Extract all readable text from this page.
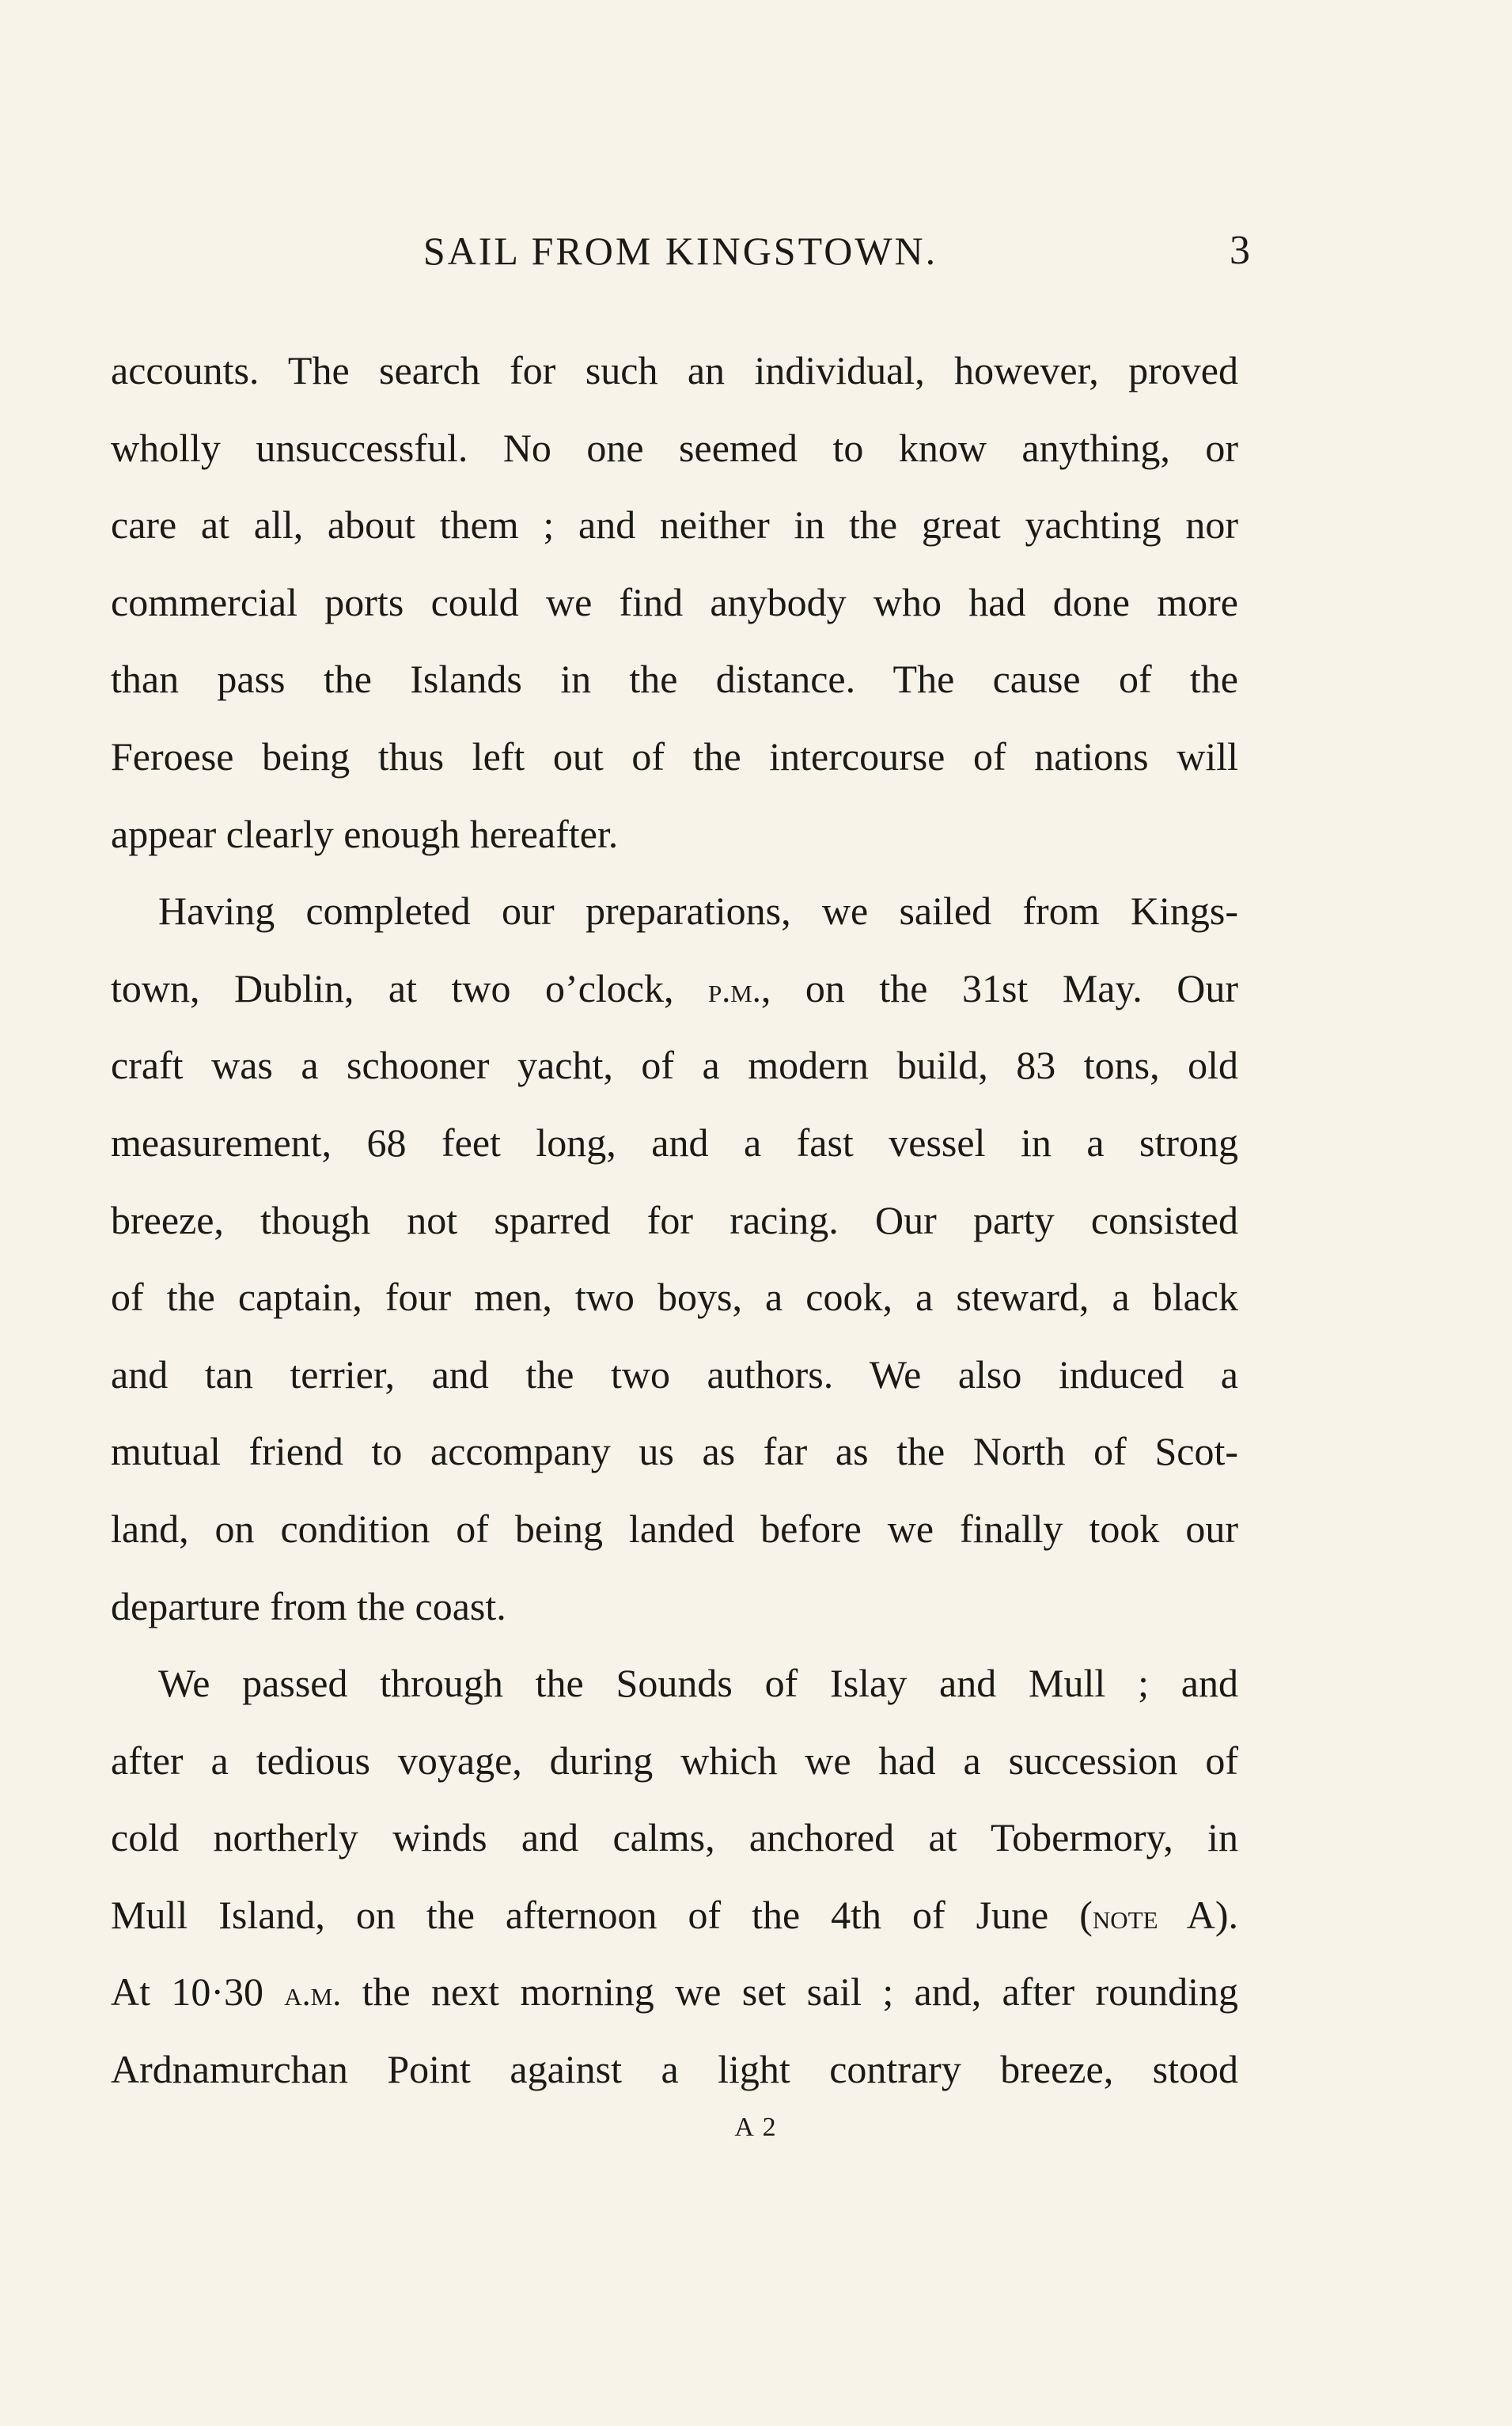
SAIL FROM KINGSTOWN.	3
accounts. The search for such an individual, however, proved
wholly unsuccessful. No one seemed to know anything, or
care at all, about them ; and neither in the great yachting nor
commercial ports could we find anybody who had done more
than pass the Islands in the distance. The cause of the
Feroese being thus left out of the intercourse of nations will
appear clearly enough hereafter.
Having completed our preparations, we sailed from Kings-
town, Dublin, at two o’clock, p.m., on the 31st May. Our
craft was a schooner yacht, of a modern build, 83 tons, old
measurement, 68 feet long, and a fast vessel in a strong
breeze, though not sparred for racing. Our party consisted
of the captain, four men, two boys, a cook, a steward, a black
and tan terrier, and the two authors. We also induced a
mutual friend to accompany us as far as the North of Scot-
land, on condition of being landed before we finally took our
departure from the coast.
We passed through the Sounds of Islay and Mull ; and
after a tedious voyage, during which we had a succession of
cold northerly winds and calms, anchored at Tobermory, in
Mull Island, on the afternoon of the 4th of June (note A).
At 10·30 a.m. the next morning we set sail ; and, after rounding
Ardnamurchan Point against a light contrary breeze, stood
A 2
